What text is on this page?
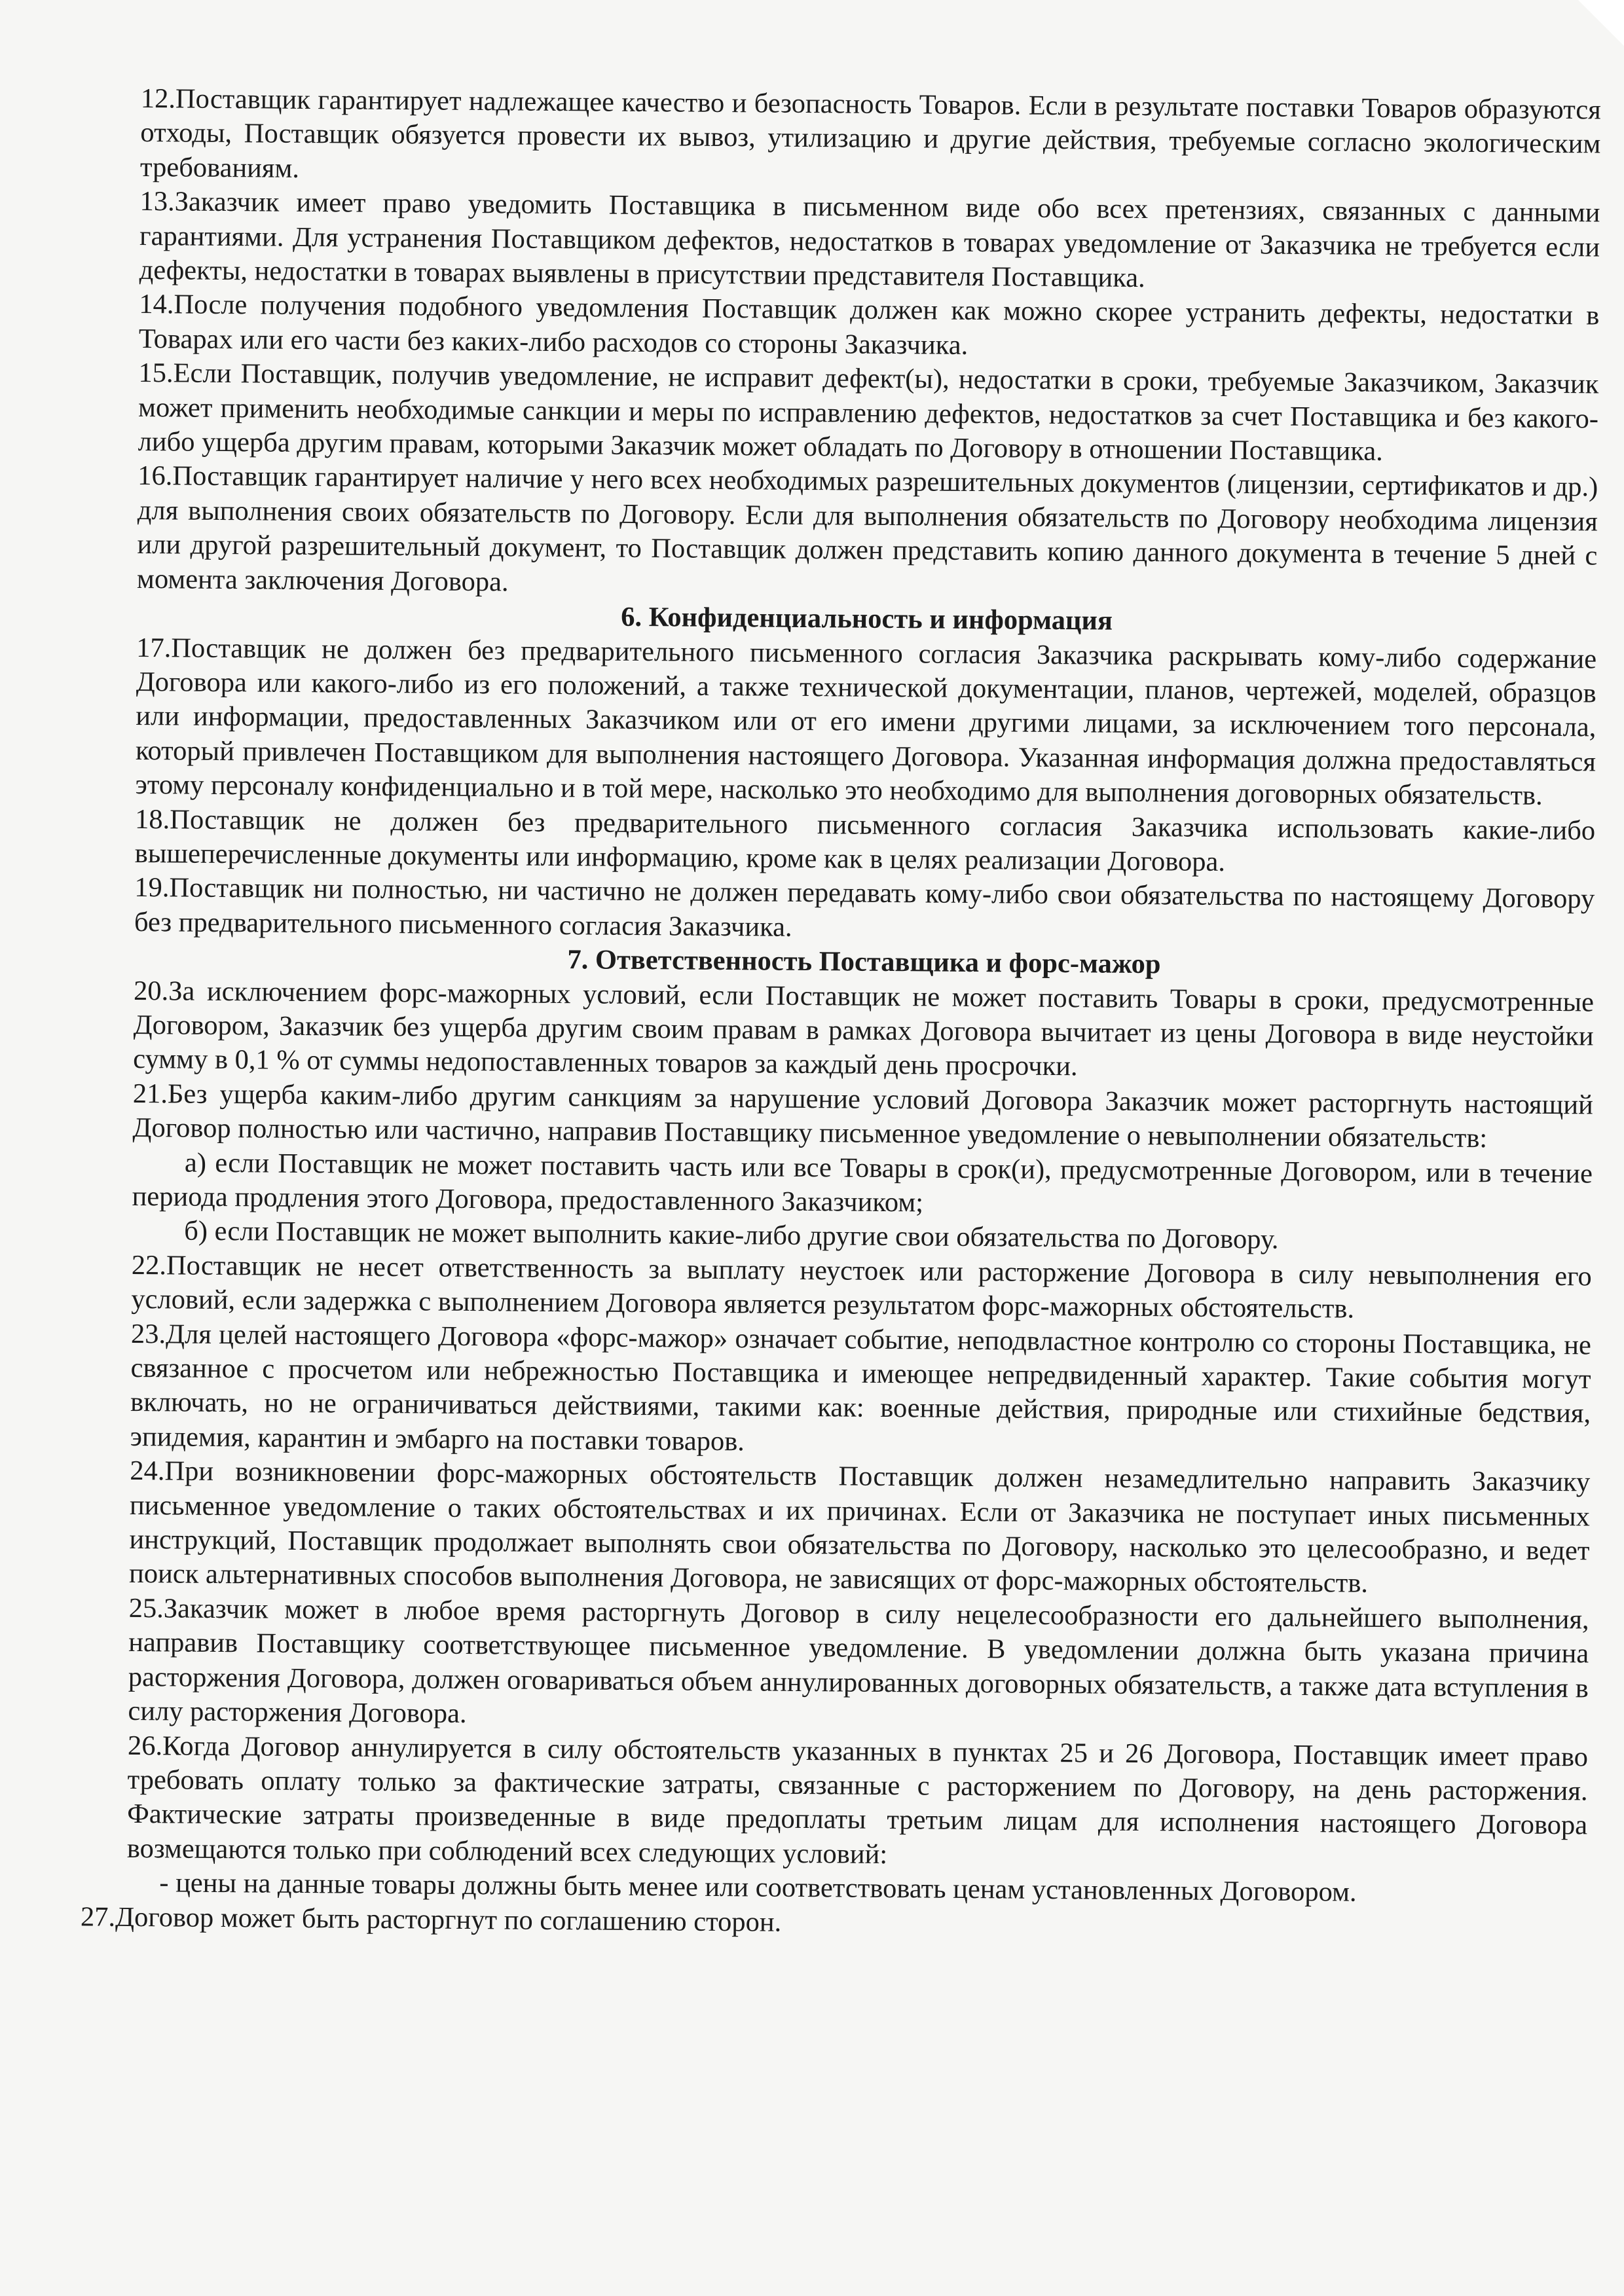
12.Поставщик гарантирует надлежащее качество и безопасность Товаров. Если в результате поставки Товаров образуются отходы, Поставщик обязуется провести их вывоз, утилизацию и другие действия, требуемые согласно экологическим требованиям.

13.Заказчик имеет право уведомить Поставщика в письменном виде обо всех претензиях, связанных с данными гарантиями. Для устранения Поставщиком дефектов, недостатков в товарах уведомление от Заказчика не требуется если дефекты, недостатки в товарах выявлены в присутствии представителя Поставщика.

14.После получения подобного уведомления Поставщик должен как можно скорее устранить дефекты, недостатки в Товарах или его части без каких-либо расходов со стороны Заказчика.

15.Если Поставщик, получив уведомление, не исправит дефект(ы), недостатки в сроки, требуемые Заказчиком, Заказчик может применить необходимые санкции и меры по исправлению дефектов, недостатков за счет Поставщика и без какого-либо ущерба другим правам, которыми Заказчик может обладать по Договору в отношении Поставщика.

16.Поставщик гарантирует наличие у него всех необходимых разрешительных документов (лицензии, сертификатов и др.) для выполнения своих обязательств по Договору. Если для выполнения обязательств по Договору необходима лицензия или другой разрешительный документ, то Поставщик должен представить копию данного документа в течение 5 дней с момента заключения Договора.

6. Конфиденциальность и информация

17.Поставщик не должен без предварительного письменного согласия Заказчика раскрывать кому-либо содержание Договора или какого-либо из его положений, а также технической документации, планов, чертежей, моделей, образцов или информации, предоставленных Заказчиком или от его имени другими лицами, за исключением того персонала, который привлечен Поставщиком для выполнения настоящего Договора. Указанная информация должна предоставляться этому персоналу конфиденциально и в той мере, насколько это необходимо для выполнения договорных обязательств.

18.Поставщик не должен без предварительного письменного согласия Заказчика использовать какие-либо вышеперечисленные документы или информацию, кроме как в целях реализации Договора.

19.Поставщик ни полностью, ни частично не должен передавать кому-либо свои обязательства по настоящему Договору без предварительного письменного согласия Заказчика.

7. Ответственность Поставщика и форс-мажор

20.За исключением форс-мажорных условий, если Поставщик не может поставить Товары в сроки, предусмотренные Договором, Заказчик без ущерба другим своим правам в рамках Договора вычитает из цены Договора в виде неустойки сумму в 0,1 % от суммы недопоставленных товаров за каждый день просрочки.

21.Без ущерба каким-либо другим санкциям за нарушение условий Договора Заказчик может расторгнуть настоящий Договор полностью или частично, направив Поставщику письменное уведомление о невыполнении обязательств:

а) если Поставщик не может поставить часть или все Товары в срок(и), предусмотренные Договором, или в течение периода продления этого Договора, предоставленного Заказчиком;

б) если Поставщик не может выполнить какие-либо другие свои обязательства по Договору.

22.Поставщик не несет ответственность за выплату неустоек или расторжение Договора в силу невыполнения его условий, если задержка с выполнением Договора является результатом форс-мажорных обстоятельств.

23.Для целей настоящего Договора «форс-мажор» означает событие, неподвластное контролю со стороны Поставщика, не связанное с просчетом или небрежностью Поставщика и имеющее непредвиденный характер. Такие события могут включать, но не ограничиваться действиями, такими как: военные действия, природные или стихийные бедствия, эпидемия, карантин и эмбарго на поставки товаров.

24.При возникновении форс-мажорных обстоятельств Поставщик должен незамедлительно направить Заказчику письменное уведомление о таких обстоятельствах и их причинах. Если от Заказчика не поступает иных письменных инструкций, Поставщик продолжает выполнять свои обязательства по Договору, насколько это целесообразно, и ведет поиск альтернативных способов выполнения Договора, не зависящих от форс-мажорных обстоятельств.

25.Заказчик может в любое время расторгнуть Договор в силу нецелесообразности его дальнейшего выполнения, направив Поставщику соответствующее письменное уведомление. В уведомлении должна быть указана причина расторжения Договора, должен оговариваться объем аннулированных договорных обязательств, а также дата вступления в силу расторжения Договора.

26.Когда Договор аннулируется в силу обстоятельств указанных в пунктах 25 и 26 Договора, Поставщик имеет право требовать оплату только за фактические затраты, связанные с расторжением по Договору, на день расторжения. Фактические затраты произведенные в виде предоплаты третьим лицам для исполнения настоящего Договора возмещаются только при соблюдений всех следующих условий:

- цены на данные товары должны быть менее или соответствовать ценам установленных Договором.

27.Договор может быть расторгнут по соглашению сторон.
